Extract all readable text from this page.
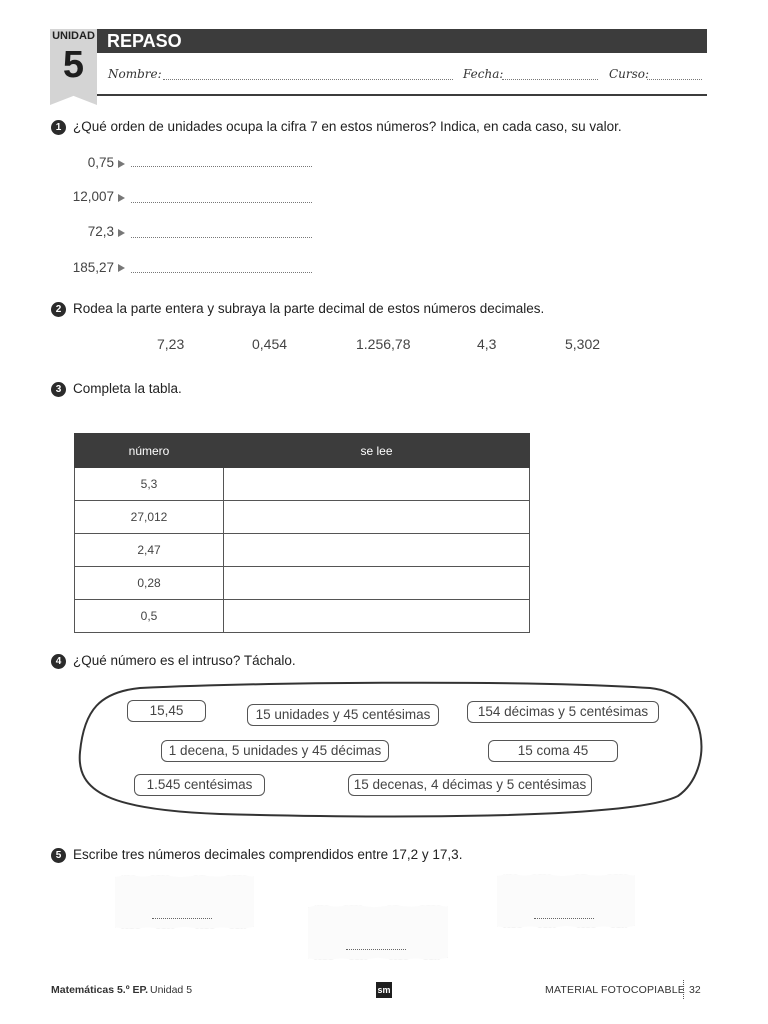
UNIDAD
5
REPASO
Nombre:	Fecha:	Curso:
1 ¿Qué orden de unidades ocupa la cifra 7 en estos números? Indica, en cada caso, su valor.
0,75
12,007
72,3
185,27
2 Rodea la parte entera y subraya la parte decimal de estos números decimales.
7,23	0,454	1.256,78	4,3	5,302
3 Completa la tabla.
número	se lee
5,3	
27,012	
2,47	
0,28	
0,5	
4 ¿Qué número es el intruso? Táchalo.
15,45	15 unidades y 45 centésimas	154 décimas y 5 centésimas
1 decena, 5 unidades y 45 décimas	15 coma 45
1.545 centésimas	15 decenas, 4 décimas y 5 centésimas
5 Escribe tres números decimales comprendidos entre 17,2 y 17,3.
Matemáticas 5.º EP. Unidad 5	sm	MATERIAL FOTOCOPIABLE 32
